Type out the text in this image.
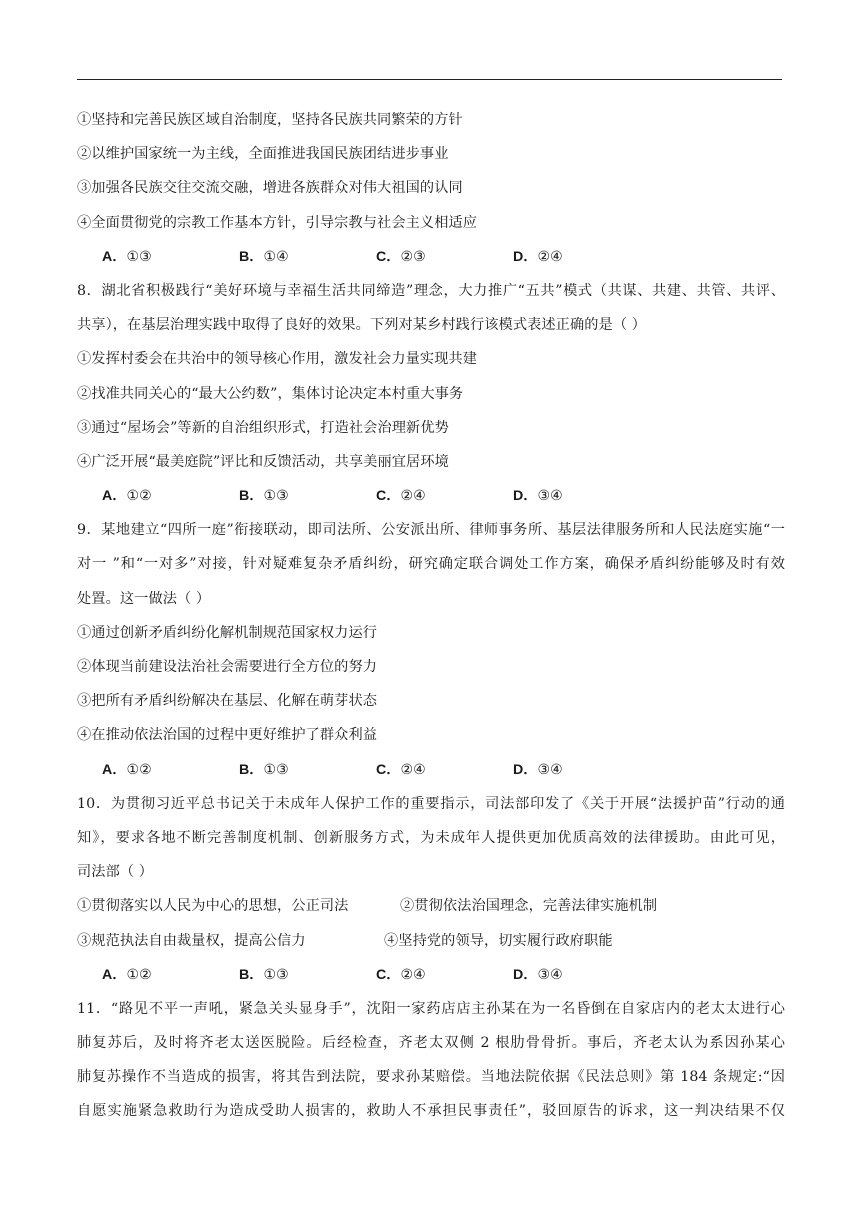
①坚持和完善民族区域自治制度，坚持各民族共同繁荣的方针
②以维护国家统一为主线，全面推进我国民族团结进步事业
③加强各民族交往交流交融，增进各族群众对伟大祖国的认同
④全面贯彻党的宗教工作基本方针，引导宗教与社会主义相适应
A．①③	B．①④	C．②③	D．②④
8．湖北省积极践行“美好环境与幸福生活共同缔造”理念，大力推广“五共”模式（共谋、共建、共管、共评、
共享），在基层治理实践中取得了良好的效果。下列对某乡村践行该模式表述正确的是（ ）
①发挥村委会在共治中的领导核心作用，激发社会力量实现共建
②找准共同关心的“最大公约数”，集体讨论决定本村重大事务
③通过“屋场会”等新的自治组织形式，打造社会治理新优势
④广泛开展“最美庭院”评比和反馈活动，共享美丽宜居环境
A．①②	B．①③	C．②④	D．③④
9．某地建立“四所一庭”衔接联动，即司法所、公安派出所、律师事务所、基层法律服务所和人民法庭实施“一
对一 ”和“一对多”对接，针对疑难复杂矛盾纠纷，研究确定联合调处工作方案，确保矛盾纠纷能够及时有效
处置。这一做法（ ）
①通过创新矛盾纠纷化解机制规范国家权力运行
②体现当前建设法治社会需要进行全方位的努力
③把所有矛盾纠纷解决在基层、化解在萌芽状态
④在推动依法治国的过程中更好维护了群众利益
A．①②	B．①③	C．②④	D．③④
10．为贯彻习近平总书记关于未成年人保护工作的重要指示，司法部印发了《关于开展“法援护苗”行动的通
知》，要求各地不断完善制度机制、创新服务方式，为未成年人提供更加优质高效的法律援助。由此可见，
司法部（ ）
①贯彻落实以人民为中心的思想，公正司法	②贯彻依法治国理念，完善法律实施机制
③规范执法自由裁量权，提高公信力	④坚持党的领导，切实履行政府职能
A．①②	B．①③	C．②④	D．③④
11．“路见不平一声吼，紧急关头显身手”，沈阳一家药店店主孙某在为一名昏倒在自家店内的老太太进行心
肺复苏后，及时将齐老太送医脱险。后经检查，齐老太双侧 2 根肋骨骨折。事后，齐老太认为系因孙某心
肺复苏操作不当造成的损害，将其告到法院，要求孙某赔偿。当地法院依据《民法总则》第 184 条规定:“因
自愿实施紧急救助行为造成受助人损害的，救助人不承担民事责任”，驳回原告的诉求，这一判决结果不仅
